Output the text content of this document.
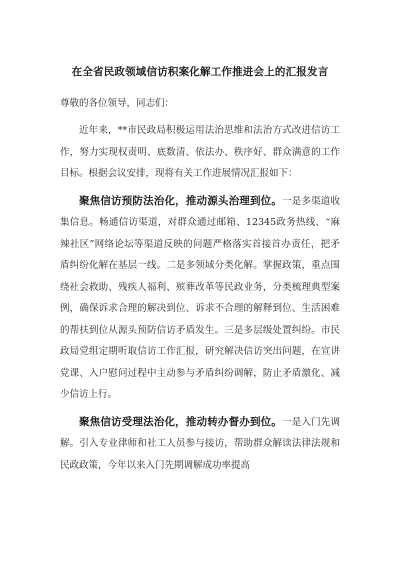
在全省民政领域信访积案化解工作推进会上的汇报发言
尊敬的各位领导，同志们：

近年来，**市民政局积极运用法治思维和法治方式改进信访工作，努力实现权责明、底数清、依法办、秩序好、群众满意的工作目标。根据会议安排，现将有关工作进展情况汇报如下：

聚焦信访预防法治化，推动源头治理到位。一是多渠道收集信息。畅通信访渠道，对群众通过邮箱、12345政务热线、“麻辣社区”网络论坛等渠道反映的问题严格落实首接首办责任，把矛盾纠纷化解在基层一线。二是多领域分类化解。掌握政策，重点围绕社会救助、残疾人福利、殡葬改革等民政业务，分类梳理典型案例，确保诉求合理的解决到位、诉求不合理的解释到位、生活困难的帮扶到位从源头预防信访矛盾发生。三是多层级处置纠纷。市民政局党组定期听取信访工作汇报，研究解决信访突出问题，在宣讲党课、入户慰问过程中主动参与矛盾纠纷调解，防止矛盾激化、减少信访上行。

聚焦信访受理法治化，推动转办督办到位。一是入门先调解。引入专业律师和社工人员参与接访，帮助群众解读法律法规和民政政策，今年以来入门先期调解成功率提高
